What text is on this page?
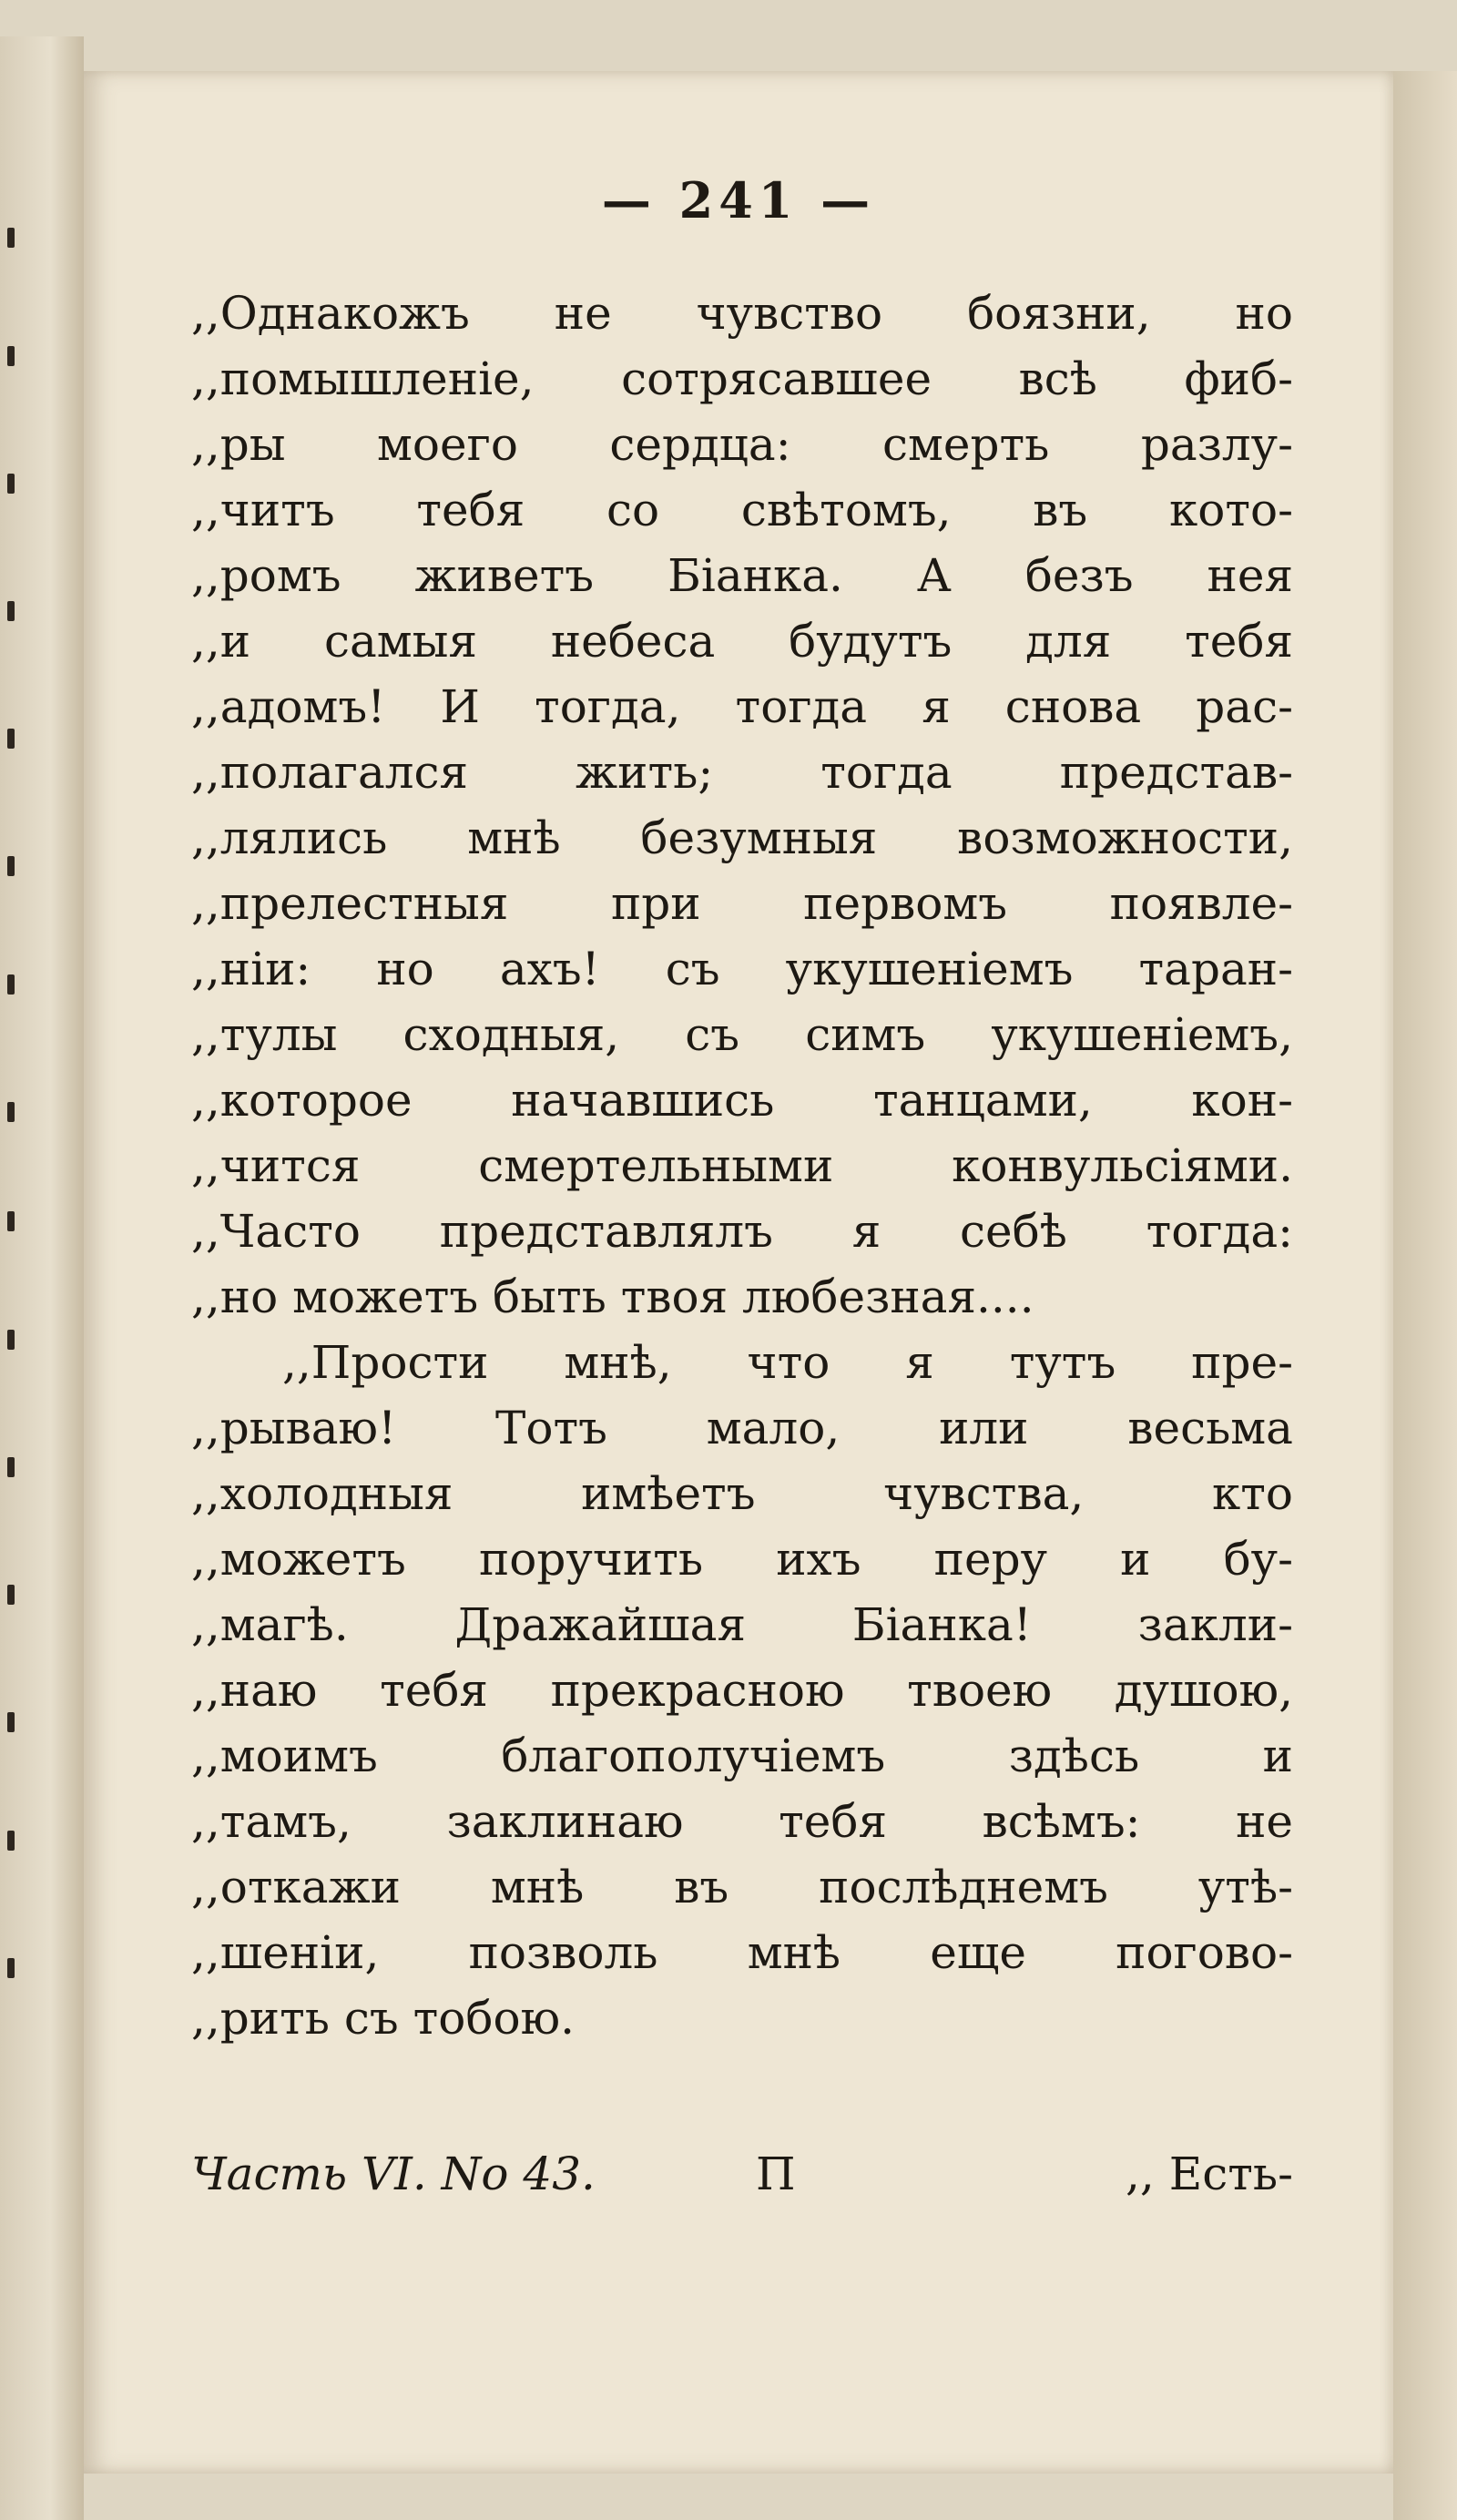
— 241 —
,,Однакожъ не чувство боязни, но
,,помышленіе, сотрясавшее всѣ фиб-
,,ры моего сердца: смерть разлу-
,,читъ тебя со свѣтомъ, въ кото-
,,ромъ живетъ Біанка. А безъ нея
,,и самыя небеса будутъ для тебя
,,адомъ! И тогда, тогда я снова рас-
,,полагался жить; тогда представ-
,,лялись мнѣ безумныя возможности,
,,прелестныя при первомъ появле-
,,ніи: но ахъ! съ укушеніемъ таран-
,,тулы сходныя, съ симъ укушеніемъ,
,,которое начавшись танцами, кон-
,,чится смертельными конвульсіями.
,,Часто представлялъ я себѣ тогда:
,,но можетъ быть твоя любезная....
,,Прости мнѣ, что я тутъ пре-
,,рываю! Тотъ мало, или весьма
,,холодныя имѣетъ чувства, кто
,,можетъ поручить ихъ перу и бу-
,,магѣ. Дражайшая Біанка! закли-
,,наю тебя прекрасною твоею душою,
,,моимъ благополучіемъ здѣсь и
,,тамъ, заклинаю тебя всѣмъ: не
,,откажи мнѣ въ послѣднемъ утѣ-
,,шеніи, позволь мнѣ еще погово-
,,рить съ тобою.
Часть VI. No 43.	П	,, Есть-
